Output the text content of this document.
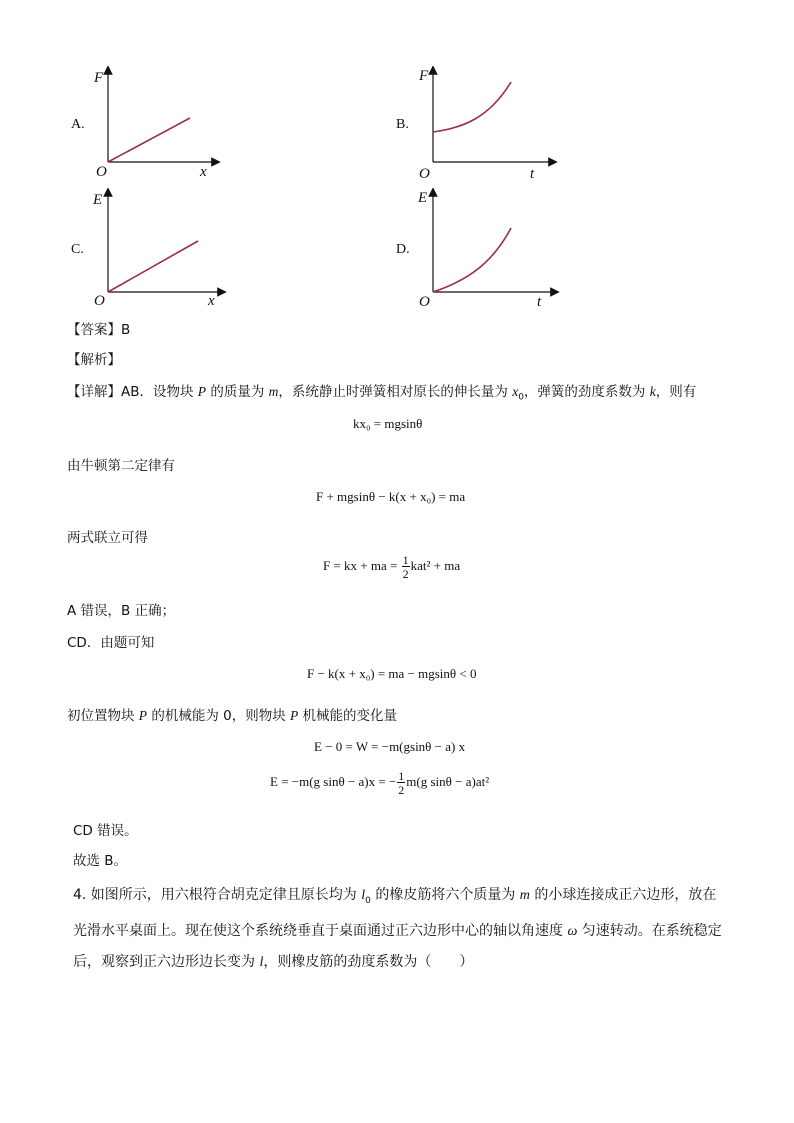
A.
F
x
O
B.
F
t
O
C.
E
x
O
D.
E
t
O
【答案】B
【解析】
【详解】AB．设物块 P 的质量为 m，系统静止时弹簧相对原长的伸长量为 $x_0$，弹簧的劲度系数为 k，则有
kx₀ = mgsinθ
由牛顿第二定律有
F + mgsinθ − k(x + x₀) = ma
两式联立可得
F = kx + ma = $\frac{1}{2} kat^2$ + ma
A 错误，B 正确；
CD．由题可知
F − k(x + x₀) = ma − mgsinθ < 0
初位置物块 P 的机械能为 0，则物块 P 机械能的变化量
E − 0 = W = −m(gsinθ − a) x
E = −m(g sinθ − a)x = − $\frac{1}{2} m(g$ sinθ − a)at²
CD 错误。
故选 B。
4. 如图所示，用六根符合胡克定律且原长均为 $l_0$ 的橡皮筋将六个质量为 m 的小球连接成正六边形，放在
光滑水平桌面上。现在使这个系统绕垂直于桌面通过正六边形中心的轴以角速度 ω 匀速转动。在系统稳定
后，观察到正六边形边长变为 l，则橡皮筋的劲度系数为（　　）
